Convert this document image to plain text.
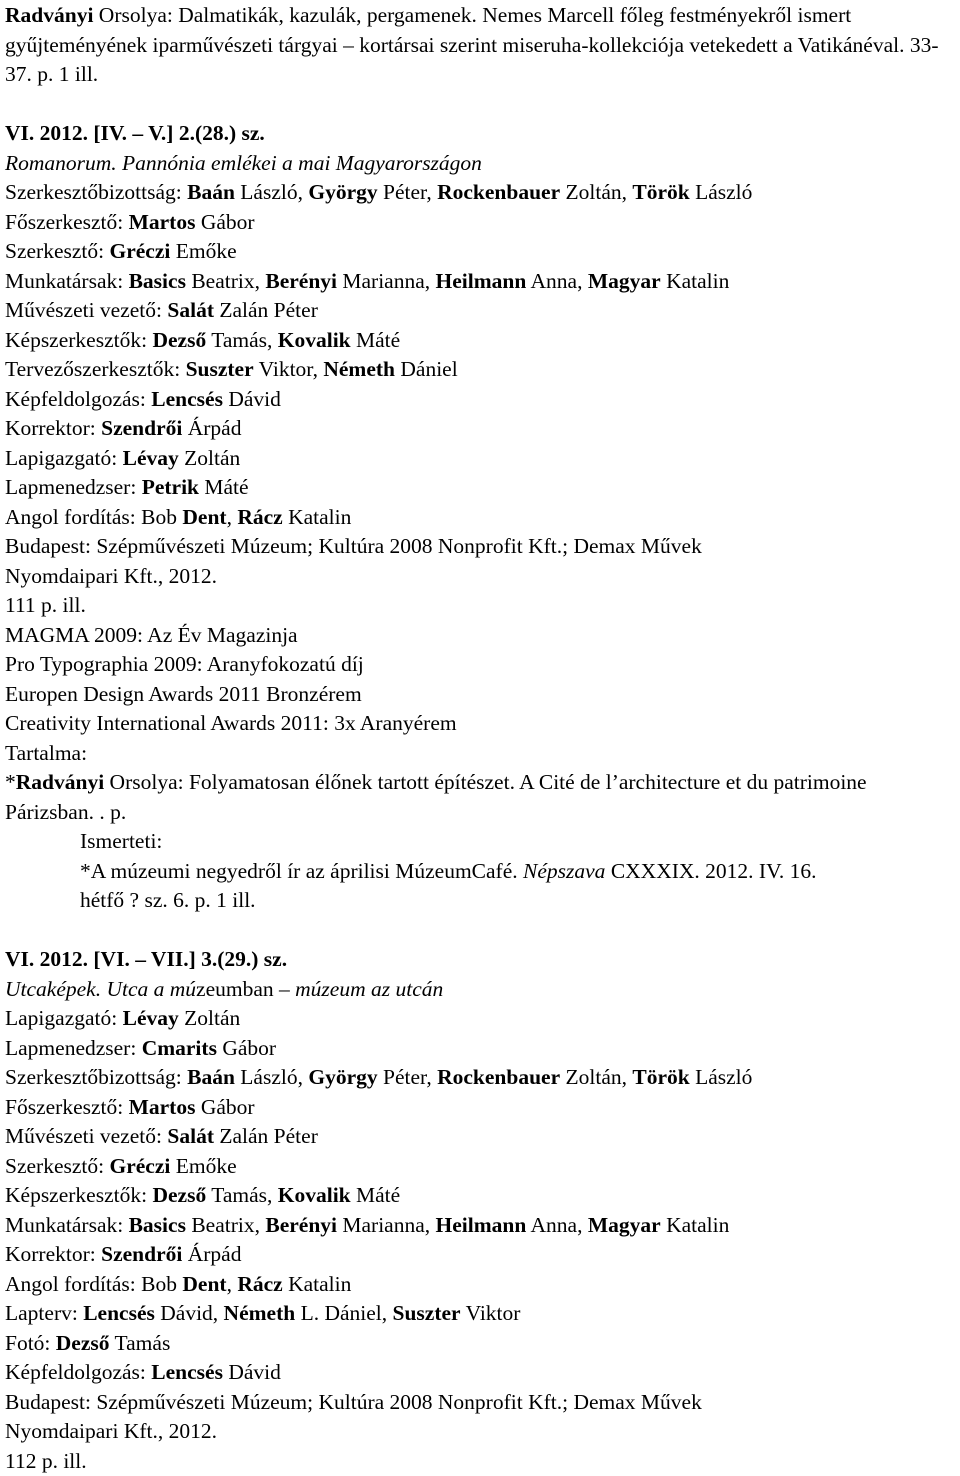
Radványi Orsolya: Dalmatikák, kazulák, pergamenek. Nemes Marcell főleg festményekről ismert gyűjteményének iparművészeti tárgyai – kortársai szerint miseruha-kollekciója vetekedett a Vatikánéval. 33-37. p. 1 ill.
VI. 2012. [IV. – V.] 2.(28.) sz.
Romanorum. Pannónia emlékei a mai Magyarországon
Szerkesztőbizottság: Baán László, György Péter, Rockenbauer Zoltán, Török László
Főszerkesztő: Martos Gábor
Szerkesztő: Gréczi Emőke
Munkatársak: Basics Beatrix, Berényi Marianna, Heilmann Anna, Magyar Katalin
Művészeti vezető: Salát Zalán Péter
Képszerkesztők: Dezső Tamás, Kovalik Máté
Tervezőszerkesztők: Suszter Viktor, Németh Dániel
Képfeldolgozás: Lencsés Dávid
Korrektor: Szendrői Árpád
Lapigazgató: Lévay Zoltán
Lapmenedzser: Petrik Máté
Angol fordítás: Bob Dent, Rácz Katalin
Budapest: Szépművészeti Múzeum; Kultúra 2008 Nonprofit Kft.; Demax Művek
Nyomdaipari Kft., 2012.
111 p. ill.
MAGMA 2009: Az Év Magazinja
Pro Typographia 2009: Aranyfokozatú díj
Europen Design Awards 2011 Bronzérem
Creativity International Awards 2011: 3x Aranyérem
Tartalma:
*Radványi Orsolya: Folyamatosan élőnek tartott építészet. A Cité de l’architecture et du patrimoine Párizsban. . p.
Ismerteti:
*A múzeumi negyedről ír az áprilisi MúzeumCafé. Népszava CXXXIX. 2012. IV. 16.
hétfő ? sz. 6. p. 1 ill.
VI. 2012. [VI. – VII.] 3.(29.) sz.
Utcaképek. Utca a múzeumban – múzeum az utcán
Lapigazgató: Lévay Zoltán
Lapmenedzser: Cmarits Gábor
Szerkesztőbizottság: Baán László, György Péter, Rockenbauer Zoltán, Török László
Főszerkesztő: Martos Gábor
Művészeti vezető: Salát Zalán Péter
Szerkesztő: Gréczi Emőke
Képszerkesztők: Dezső Tamás, Kovalik Máté
Munkatársak: Basics Beatrix, Berényi Marianna, Heilmann Anna, Magyar Katalin
Korrektor: Szendrői Árpád
Angol fordítás: Bob Dent, Rácz Katalin
Lapterv: Lencsés Dávid, Németh L. Dániel, Suszter Viktor
Fotó: Dezső Tamás
Képfeldolgozás: Lencsés Dávid
Budapest: Szépművészeti Múzeum; Kultúra 2008 Nonprofit Kft.; Demax Művek
Nyomdaipari Kft., 2012.
112 p. ill.
